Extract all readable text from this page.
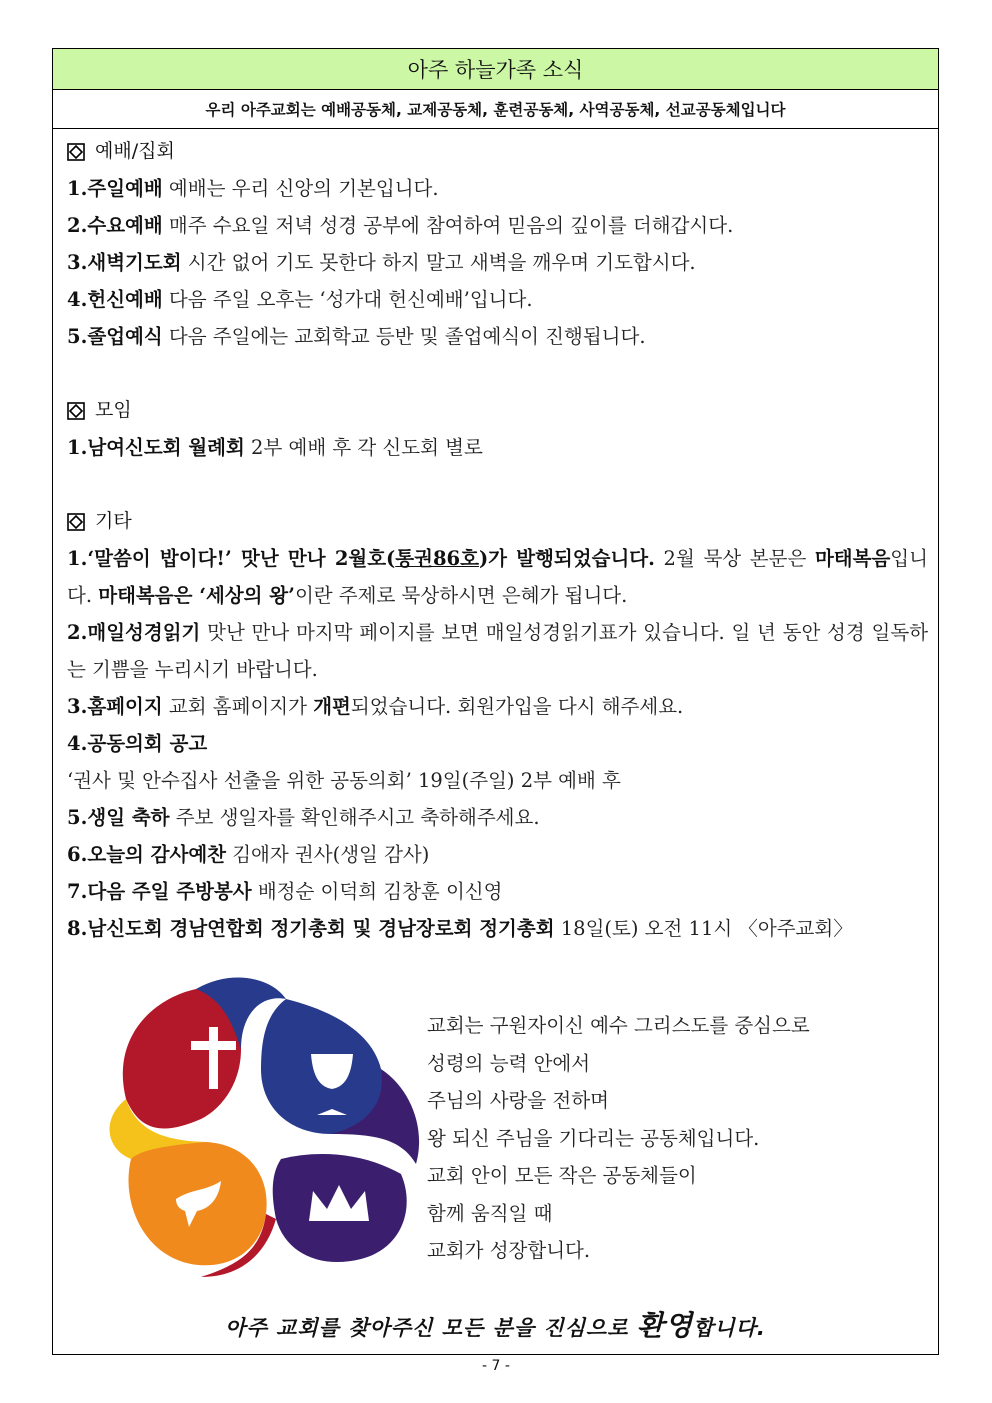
아주 하늘가족 소식
우리 아주교회는 예배공동체, 교제공동체, 훈련공동체, 사역공동체, 선교공동체입니다
예배/집회
1.주일예배 예배는 우리 신앙의 기본입니다.
2.수요예배 매주 수요일 저녁 성경 공부에 참여하여 믿음의 깊이를 더해갑시다.
3.새벽기도회 시간 없어 기도 못한다 하지 말고 새벽을 깨우며 기도합시다.
4.헌신예배 다음 주일 오후는 ‘성가대 헌신예배’입니다.
5.졸업예식 다음 주일에는 교회학교 등반 및 졸업예식이 진행됩니다.
모임
1.남여신도회 월례회 2부 예배 후 각 신도회 별로
기타
1.‘말씀이 밥이다!’ 맛난 만나 2월호(통권86호)가 발행되었습니다. 2월 묵상 본문은 마태복음입니다. 마태복음은 ‘세상의 왕’이란 주제로 묵상하시면 은혜가 됩니다.
2.매일성경읽기 맛난 만나 마지막 페이지를 보면 매일성경읽기표가 있습니다. 일 년 동안 성경 일독하는 기쁨을 누리시기 바랍니다.
3.홈페이지 교회 홈페이지가 개편되었습니다. 회원가입을 다시 해주세요.
4.공동의회 공고
‘권사 및 안수집사 선출을 위한 공동의회’ 19일(주일) 2부 예배 후
5.생일 축하 주보 생일자를 확인해주시고 축하해주세요.
6.오늘의 감사예찬 김애자 권사(생일 감사)
7.다음 주일 주방봉사 배정순 이덕희 김창훈 이신영
8.남신도회 경남연합회 정기총회 및 경남장로회 정기총회 18일(토) 오전 11시 〈아주교회〉
교회는 구원자이신 예수 그리스도를 중심으로
성령의 능력 안에서
주님의 사랑을 전하며
왕 되신 주님을 기다리는 공동체입니다.
교회 안이 모든 작은 공동체들이
함께 움직일 때
교회가 성장합니다.
아주 교회를 찾아주신 모든 분을 진심으로 환영합니다.
- 7 -
